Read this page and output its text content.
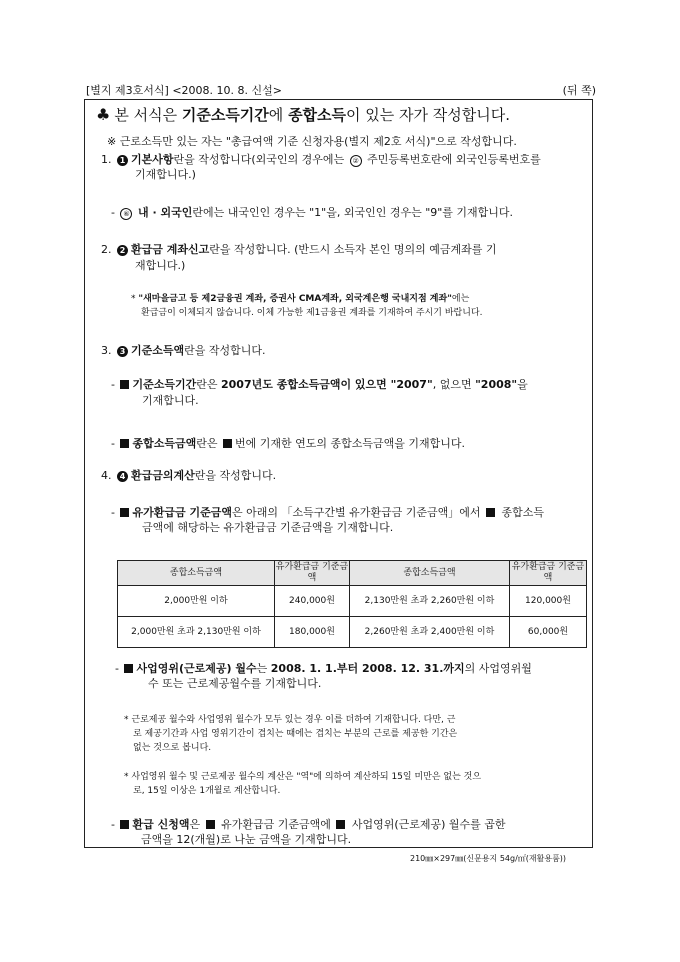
[별지 제3호서식] <2008. 10. 8. 신설>	(뒤 쪽)
♣ 본 서식은 기준소득기간에 종합소득이 있는 자가 작성합니다.
※ 근로소득만 있는 자는 "총급여액 기준 신청자용(별지 제2호 서식)"으로 작성합니다.
1. 1 기본사항란을 작성합니다(외국인의 경우에는 ② 주민등록번호란에 외국인등록번호를
기재합니다.)
- ⑥ 내 · 외국인란에는 내국인인 경우는 "1"을, 외국인인 경우는 "9"를 기재합니다.
2. 2 환급금 계좌신고란을 작성합니다. (반드시 소득자 본인 명의의 예금계좌를 기
재합니다.)
* "새마을금고 등 제2금융권 계좌, 증권사 CMA계좌, 외국계은행 국내지점 계좌"에는
환급금이 이체되지 않습니다. 이체 가능한 제1금융권 계좌를 기재하여 주시기 바랍니다.
3. 3 기준소득액란을 작성합니다.
- 기준소득기간란은 2007년도 종합소득금액이 있으면 "2007", 없으면 "2008"을
기재합니다.
- 종합소득금액란은 번에 기재한 연도의 종합소득금액을 기재합니다.
4. 4 환급금의계산란을 작성합니다.
- 유가환급금 기준금액은 아래의 「소득구간별 유가환급금 기준금액」에서  종합소득
금액에 해당하는 유가환급금 기준금액을 기재합니다.
종합소득금액	유가환급금 기준금액	종합소득금액	유가환급금 기준금액
2,000만원 이하	240,000원	2,130만원 초과 2,260만원 이하	120,000원
2,000만원 초과 2,130만원 이하	180,000원	2,260만원 초과 2,400만원 이하	60,000원
- 사업영위(근로제공) 월수는 2008. 1. 1.부터 2008. 12. 31.까지의 사업영위월
수 또는 근로제공월수를 기재합니다.
* 근로제공 월수와 사업영위 월수가 모두 있는 경우 이를 더하여 기재합니다. 다만, 근
로 제공기간과 사업 영위기간이 겹치는 때에는 겹치는 부분의 근로를 제공한 기간은
없는 것으로 봅니다.
* 사업영위 월수 및 근로제공 월수의 계산은 "역"에 의하여 계산하되 15일 미만은 없는 것으
로, 15일 이상은 1개월로 계산합니다.
- 환급 신청액은  유가환급금 기준금액에  사업영위(근로제공) 월수를 곱한
금액을 12(개월)로 나눈 금액을 기재합니다.
210㎜×297㎜(신문용지 54g/㎡(재활용품))
